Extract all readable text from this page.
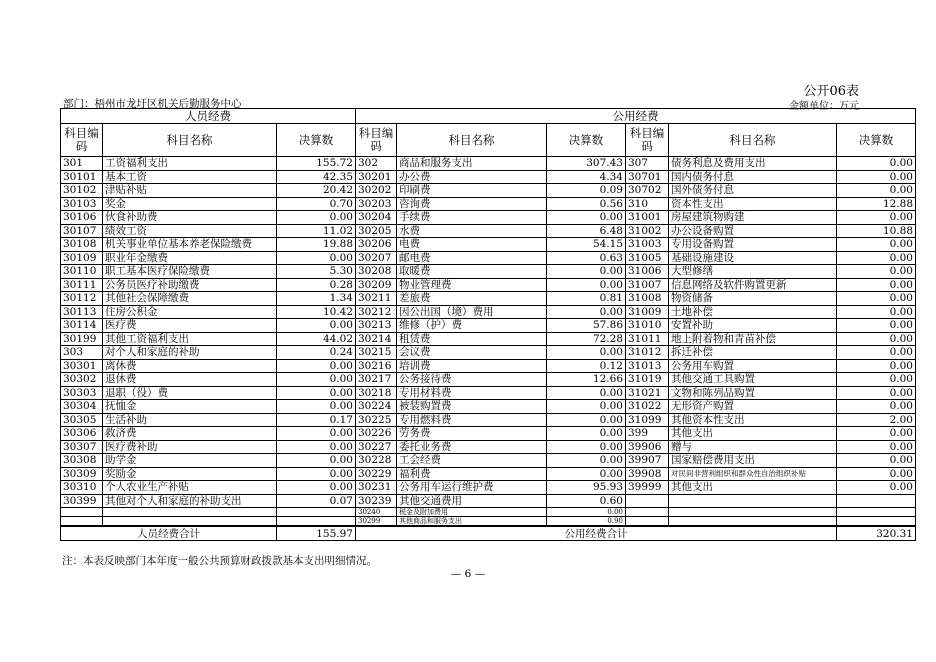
公开06表
部门：梧州市龙圩区机关后勤服务中心	金额单位：万元
人员经费			公用经费					
科目编码	科目名称	决算数	科目编码	科目名称	决算数	科目编码	科目名称	决算数
301	工资福利支出	155.72	302	商品和服务支出	307.43	307	债务利息及费用支出	0.00
30101	基本工资	42.35	30201	办公费	4.34	30701	国内债务付息	0.00
30102	津贴补贴	20.42	30202	印刷费	0.09	30702	国外债务付息	0.00
30103	奖金	0.70	30203	咨询费	0.56	310	资本性支出	12.88
30106	伙食补助费	0.00	30204	手续费	0.00	31001	房屋建筑物购建	0.00
30107	绩效工资	11.02	30205	水费	6.48	31002	办公设备购置	10.88
30108	机关事业单位基本养老保险缴费	19.88	30206	电费	54.15	31003	专用设备购置	0.00
30109	职业年金缴费	0.00	30207	邮电费	0.63	31005	基础设施建设	0.00
30110	职工基本医疗保险缴费	5.30	30208	取暖费	0.00	31006	大型修缮	0.00
30111	公务员医疗补助缴费	0.28	30209	物业管理费	0.00	31007	信息网络及软件购置更新	0.00
30112	其他社会保障缴费	1.34	30211	差旅费	0.81	31008	物资储备	0.00
30113	住房公积金	10.42	30212	因公出国（境）费用	0.00	31009	土地补偿	0.00
30114	医疗费	0.00	30213	维修（护）费	57.86	31010	安置补助	0.00
30199	其他工资福利支出	44.02	30214	租赁费	72.28	31011	地上附着物和青苗补偿	0.00
303	对个人和家庭的补助	0.24	30215	会议费	0.00	31012	拆迁补偿	0.00
30301	离休费	0.00	30216	培训费	0.12	31013	公务用车购置	0.00
30302	退休费	0.00	30217	公务接待费	12.66	31019	其他交通工具购置	0.00
30303	退职（役）费	0.00	30218	专用材料费	0.00	31021	文物和陈列品购置	0.00
30304	抚恤金	0.00	30224	被装购置费	0.00	31022	无形资产购置	0.00
30305	生活补助	0.17	30225	专用燃料费	0.00	31099	其他资本性支出	2.00
30306	救济费	0.00	30226	劳务费	0.00	399	其他支出	0.00
30307	医疗费补助	0.00	30227	委托业务费	0.00	39906	赠与	0.00
30308	助学金	0.00	30228	工会经费	0.00	39907	国家赔偿费用支出	0.00
30309	奖励金	0.00	30229	福利费	0.00	39908	对民间非营利组织和群众性自治组织补贴	0.00
30310	个人农业生产补贴	0.00	30231	公务用车运行维护费	95.93	39999	其他支出	0.00
30399	其他对个人和家庭的补助支出	0.07	30239	其他交通费用	0.60			
			30240	税金及附加费用	0.00			
			30299	其他商品和服务支出	0.90			
人员经费合计		155.97	公用经费合计					320.31
注：本表反映部门本年度一般公共预算财政拨款基本支出明细情况。
— 6 —
